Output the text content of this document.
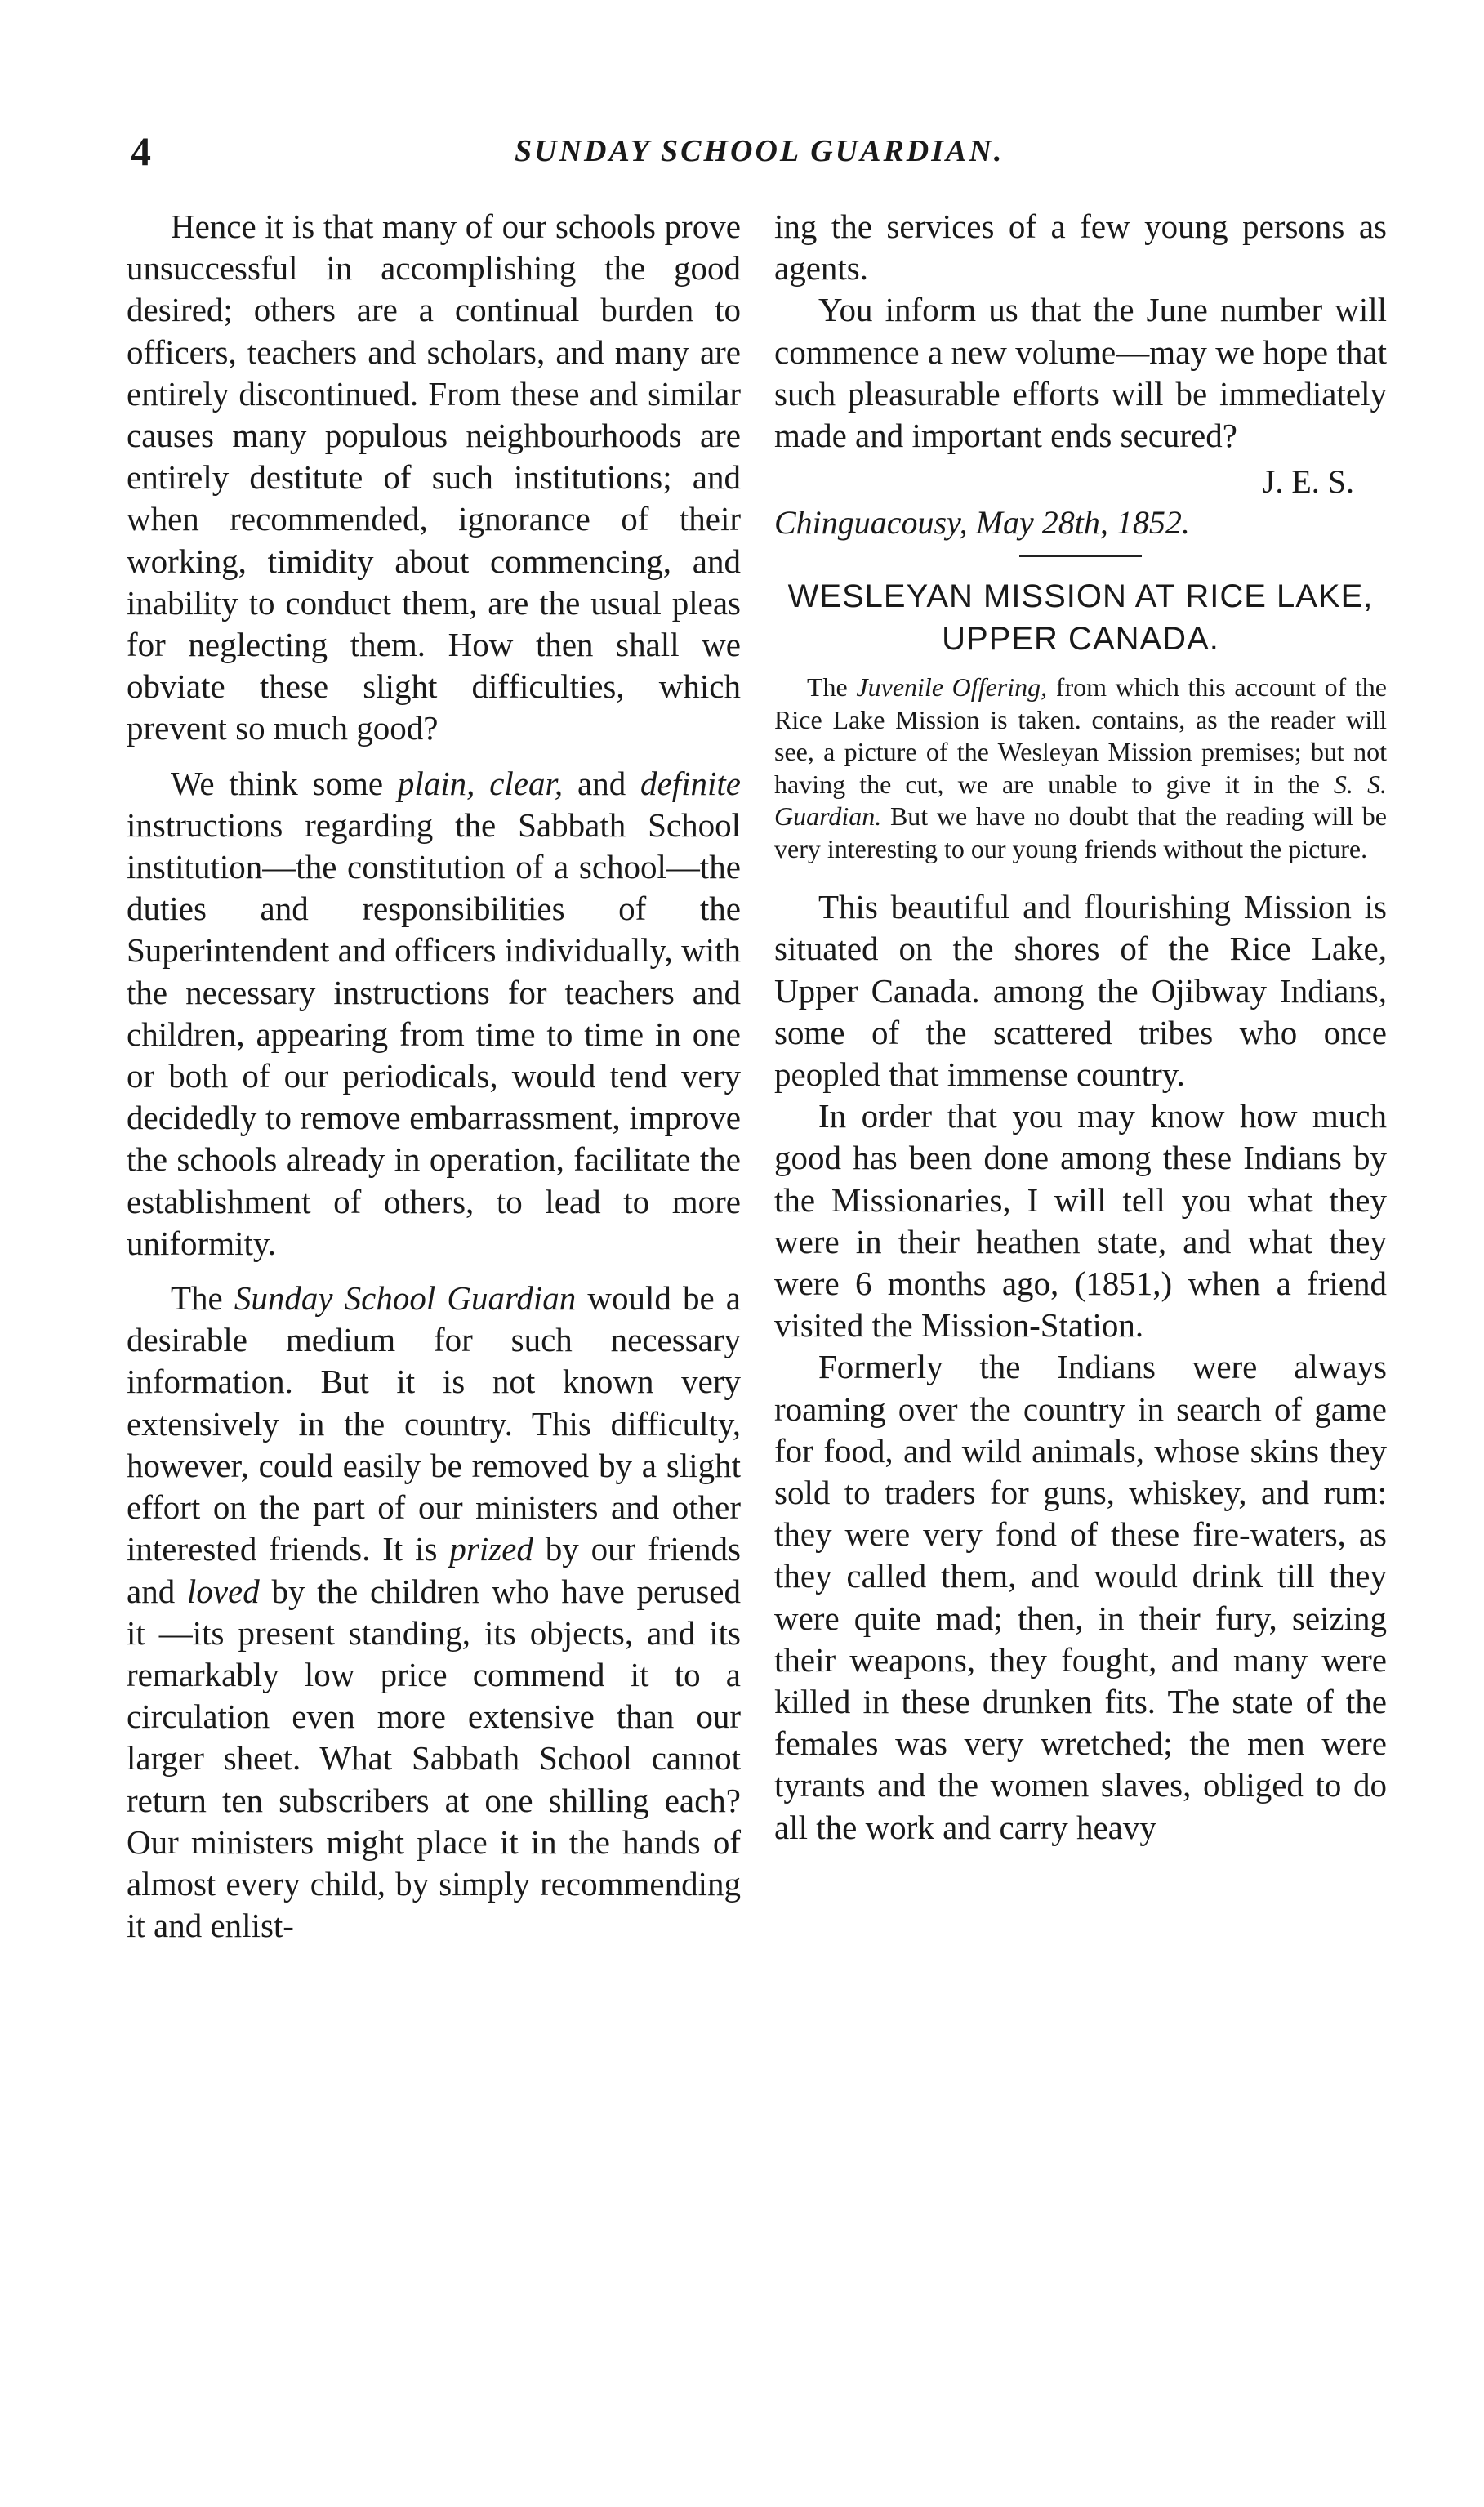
4	SUNDAY SCHOOL GUARDIAN.

Hence it is that many of our schools prove unsuccessful in accomplishing the good desired; others are a continual burden to officers, teachers and scholars, and many are entirely discontinued. From these and similar causes many populous neighbourhoods are entirely destitute of such institutions; and when recommended, ignorance of their working, timidity about commencing, and inability to conduct them, are the usual pleas for neglecting them. How then shall we obviate these slight difficulties, which prevent so much good?

We think some plain, clear, and definite instructions regarding the Sabbath School institution—the constitution of a school—the duties and responsibilities of the Superintendent and officers individually, with the necessary instructions for teachers and children, appearing from time to time in one or both of our periodicals, would tend very decidedly to remove embarrassment, improve the schools already in operation, facilitate the establishment of others, to lead to more uniformity.

The Sunday School Guardian would be a desirable medium for such necessary information. But it is not known very extensively in the country. This difficulty, however, could easily be removed by a slight effort on the part of our ministers and other interested friends. It is prized by our friends and loved by the children who have perused it —its present standing, its objects, and its remarkably low price commend it to a circulation even more extensive than our larger sheet. What Sabbath School cannot return ten subscribers at one shilling each? Our ministers might place it in the hands of almost every child, by simply recommending it and enlist-

ing the services of a few young persons as agents.

You inform us that the June number will commence a new volume—may we hope that such pleasurable efforts will be immediately made and important ends secured?

J. E. S.
Chinguacousy, May 28th, 1852.
WESLEYAN MISSION AT RICE LAKE,
UPPER CANADA.

The Juvenile Offering, from which this account of the Rice Lake Mission is taken. contains, as the reader will see, a picture of the Wesleyan Mission premises; but not having the cut, we are unable to give it in the S. S. Guardian. But we have no doubt that the reading will be very interesting to our young friends without the picture.

This beautiful and flourishing Mission is situated on the shores of the Rice Lake, Upper Canada. among the Ojibway Indians, some of the scattered tribes who once peopled that immense country.

In order that you may know how much good has been done among these Indians by the Missionaries, I will tell you what they were in their heathen state, and what they were 6 months ago, (1851,) when a friend visited the Mission-Station.

Formerly the Indians were always roaming over the country in search of game for food, and wild animals, whose skins they sold to traders for guns, whiskey, and rum: they were very fond of these fire-waters, as they called them, and would drink till they were quite mad; then, in their fury, seizing their weapons, they fought, and many were killed in these drunken fits. The state of the females was very wretched; the men were tyrants and the women slaves, obliged to do all the work and carry heavy
